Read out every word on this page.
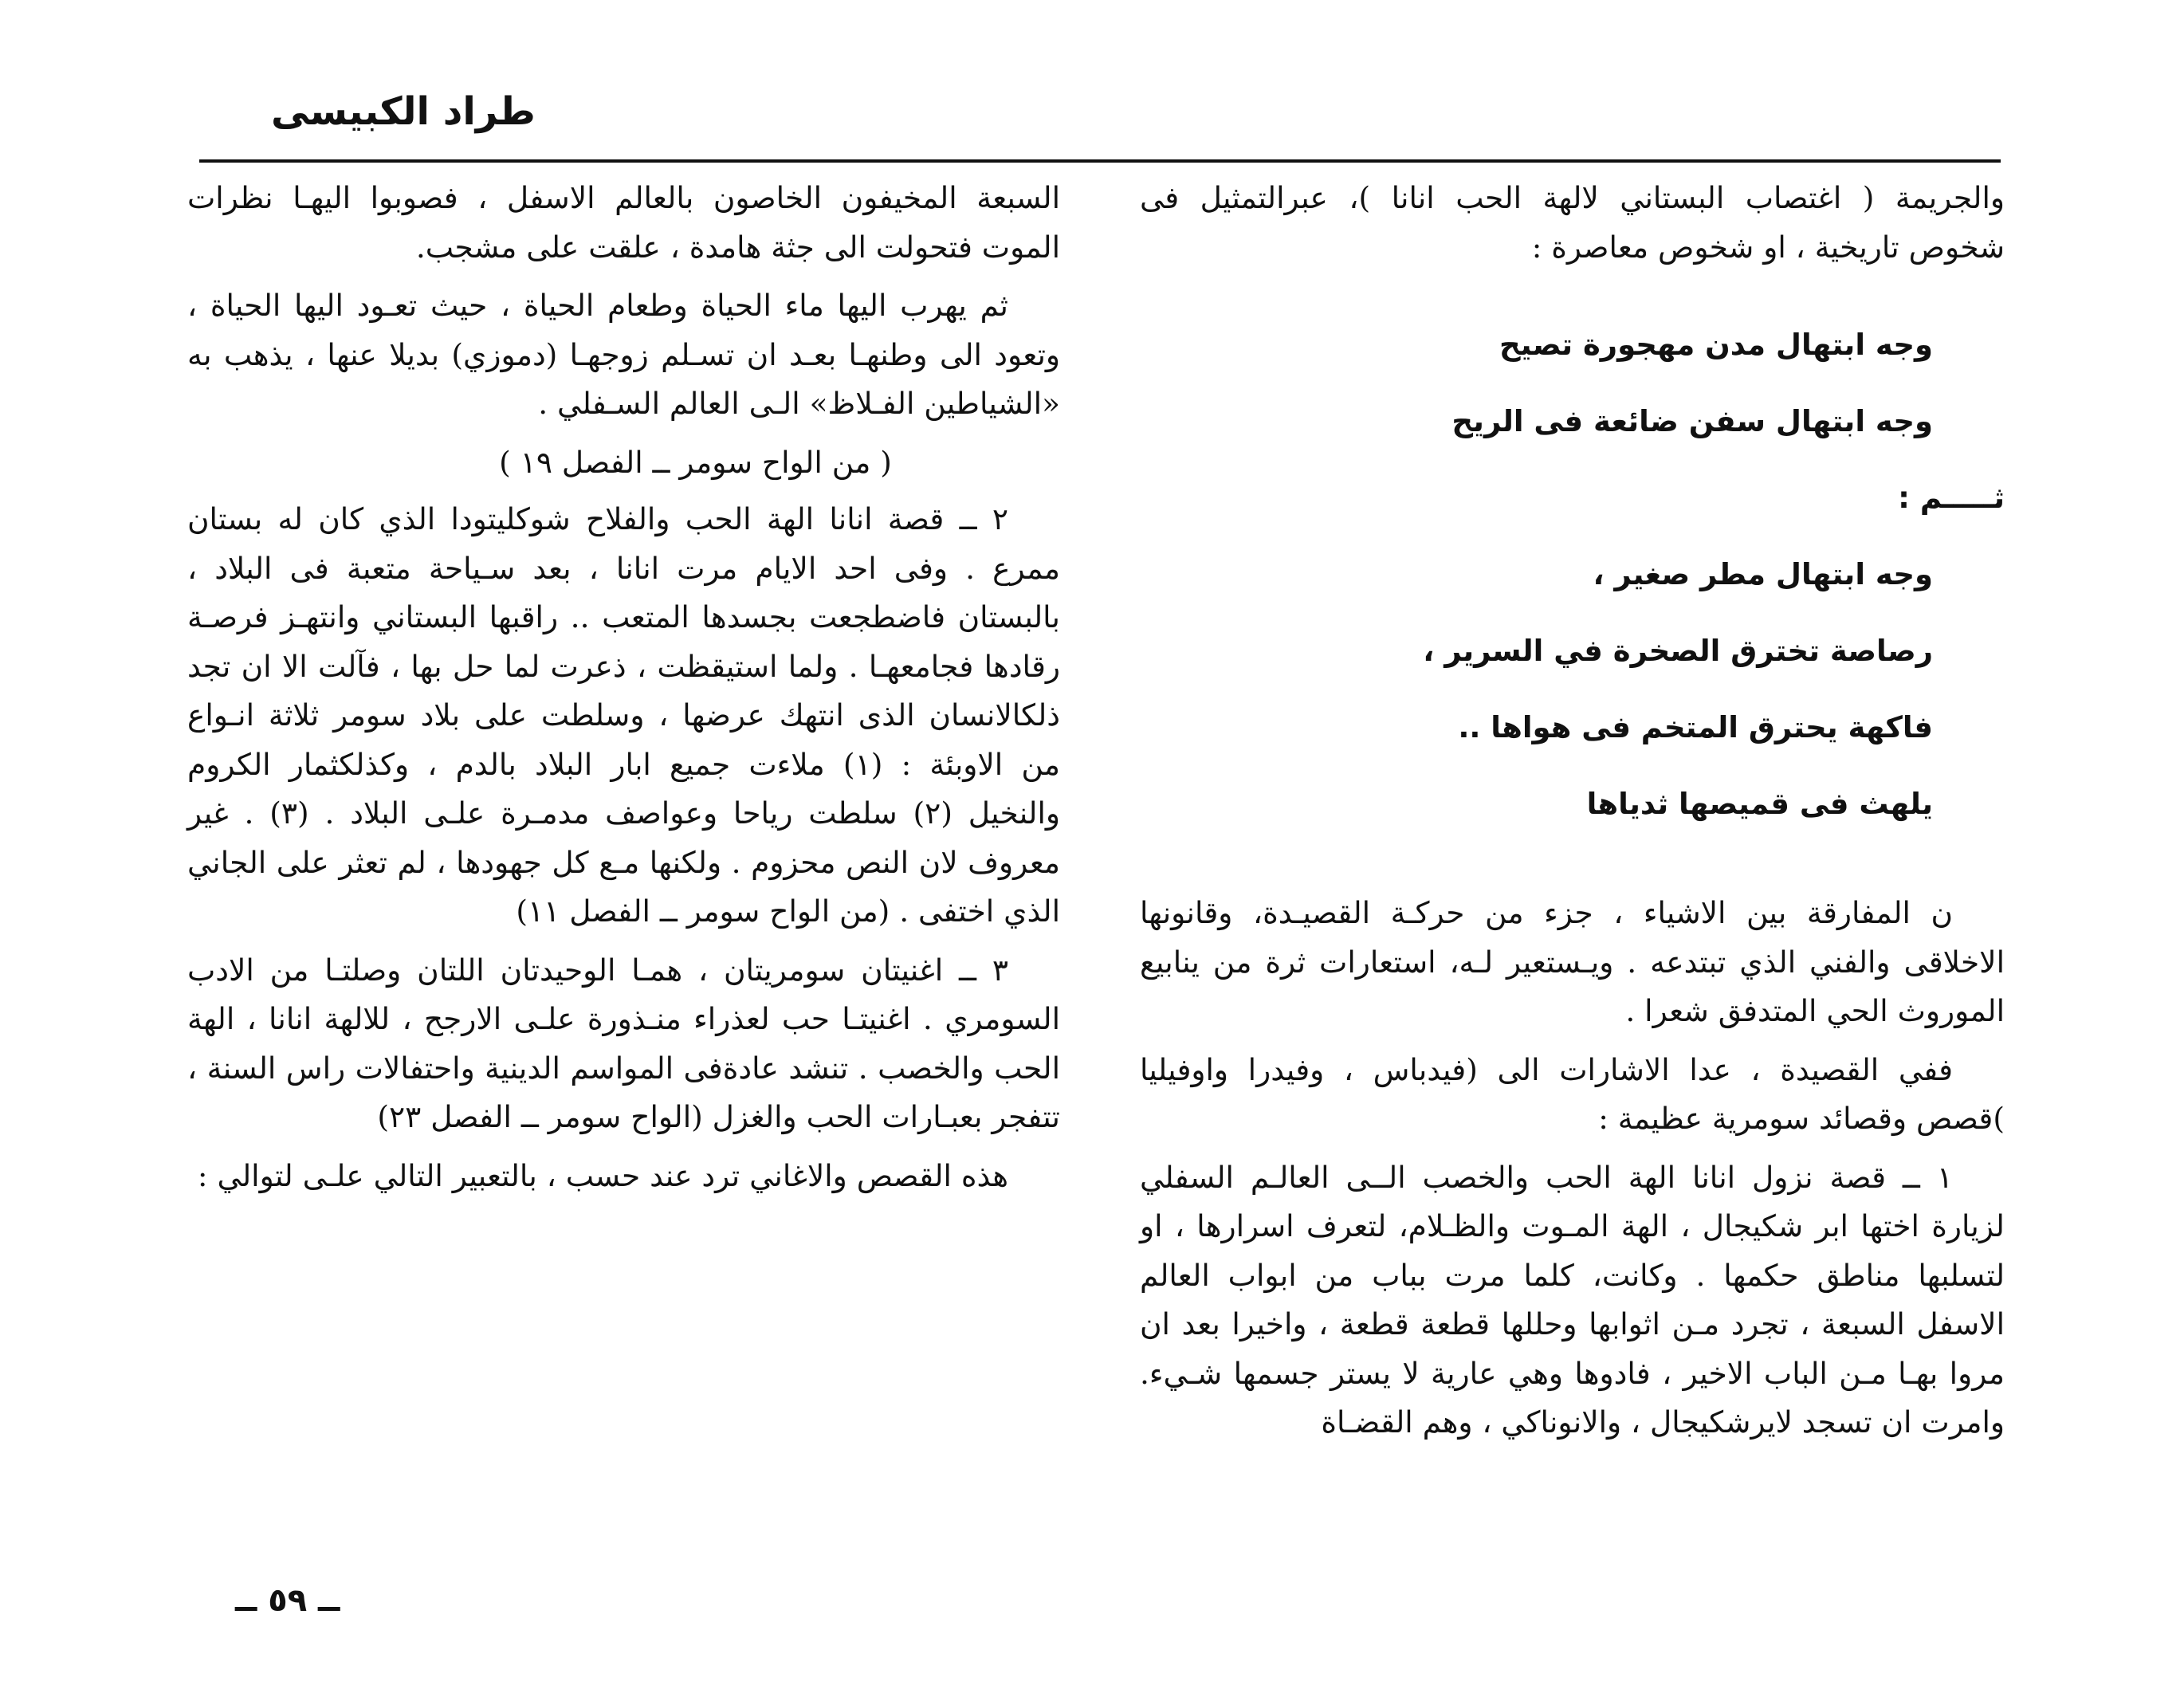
طراد الكبيسى

والجريمة ( اغتصاب البستاني لالهة الحب انانا )، عبرالتمثيل فى شخوص تاريخية ، او شخوص معاصرة :

وجه ابتهال مدن مهجورة تصيح
وجه ابتهال سفن ضائعة فى الريح
ثـــــم :
وجه ابتهال مطر صغير ،
رصاصة تخترق الصخرة في السرير ،
فاكهة يحترق المتخم فى هواها ..
يلهث فى قميصها ثدياها

ن المفارقة بين الاشياء ، جزء من حركـة القصيـدة، وقانونها الاخلاقى والفني الذي تبتدعه . ويـستعير لـه، استعارات ثرة من ينابيع الموروث الحي المتدفق شعرا .

ففي القصيدة ، عدا الاشارات الى (فيدباس ، وفيدرا واوفيليا )قصص وقصائد سومرية عظيمة :

١ ــ قصة نزول انانا الهة الحب والخصب الــى العالـم السفلي لزيارة اختها ابر شكيجال ، الهة المـوت والظـلام، لتعرف اسرارها ، او لتسلبها مناطق حكمها . وكانت، كلما مرت بباب من ابواب العالم الاسفل السبعة ، تجرد مـن اثوابها وحللها قطعة قطعة ، واخيرا بعد ان مروا بهـا مـن الباب الاخير ، فادوها وهي عارية لا يستر جسمها شـيء. وامرت ان تسجد لايرشكيجال ، والانوناكي ، وهم القضـاة

السبعة المخيفون الخاصون بالعالم الاسفل ، فصوبوا اليهـا نظرات الموت فتحولت الى جثة هامدة ، علقت على مشجب.

ثم يهرب اليها ماء الحياة وطعام الحياة ، حيث تعـود اليها الحياة ، وتعود الى وطنهـا بعـد ان تسـلم زوجهـا (دموزي) بديلا عنها ، يذهب به «الشياطين الفـلاظ» الـى العالم السـفلي .

( من الواح سومر ــ الفصل ١٩ )

٢ ــ قصة انانا الهة الحب والفلاح شوكليتودا الذي كان له بستان ممرع . وفى احد الايام مرت انانا ، بعد سـياحة متعبة فى البلاد ، بالبستان فاضطجعت بجسدها المتعب .. راقبها البستاني وانتهـز فرصـة رقادها فجامعهـا . ولما استيقظت ، ذعرت لما حل بها ، فآلت الا ان تجد ذلكالانسان الذى انتهك عرضها ، وسلطت على بلاد سومر ثلاثة انـواع من الاوبئة : (١) ملاءت جميع ابار البلاد بالدم ، وكذلكثمار الكروم والنخيل (٢) سلطت رياحا وعواصف مدمـرة علـى البلاد . (٣) . غير معروف لان النص محزوم . ولكنها مـع كل جهودها ، لم تعثر على الجاني الذي اختفى . (من الواح سومر ــ الفصل ١١)

٣ ــ اغنيتان سومريتان ، همـا الوحيدتان اللتان وصلتـا من الادب السومري . اغنيتـا حب لعذراء منـذورة علـى الارجح ، للالهة انانا ، الهة الحب والخصب . تنشد عادةفى المواسم الدينية واحتفالات راس السنة ، تتفجر بعبـارات الحب والغزل (الواح سومر ــ الفصل ٢٣)

هذه القصص والاغاني ترد عند حسب ، بالتعبير التالي علـى لتوالي :

ــ ٥٩ ــ
